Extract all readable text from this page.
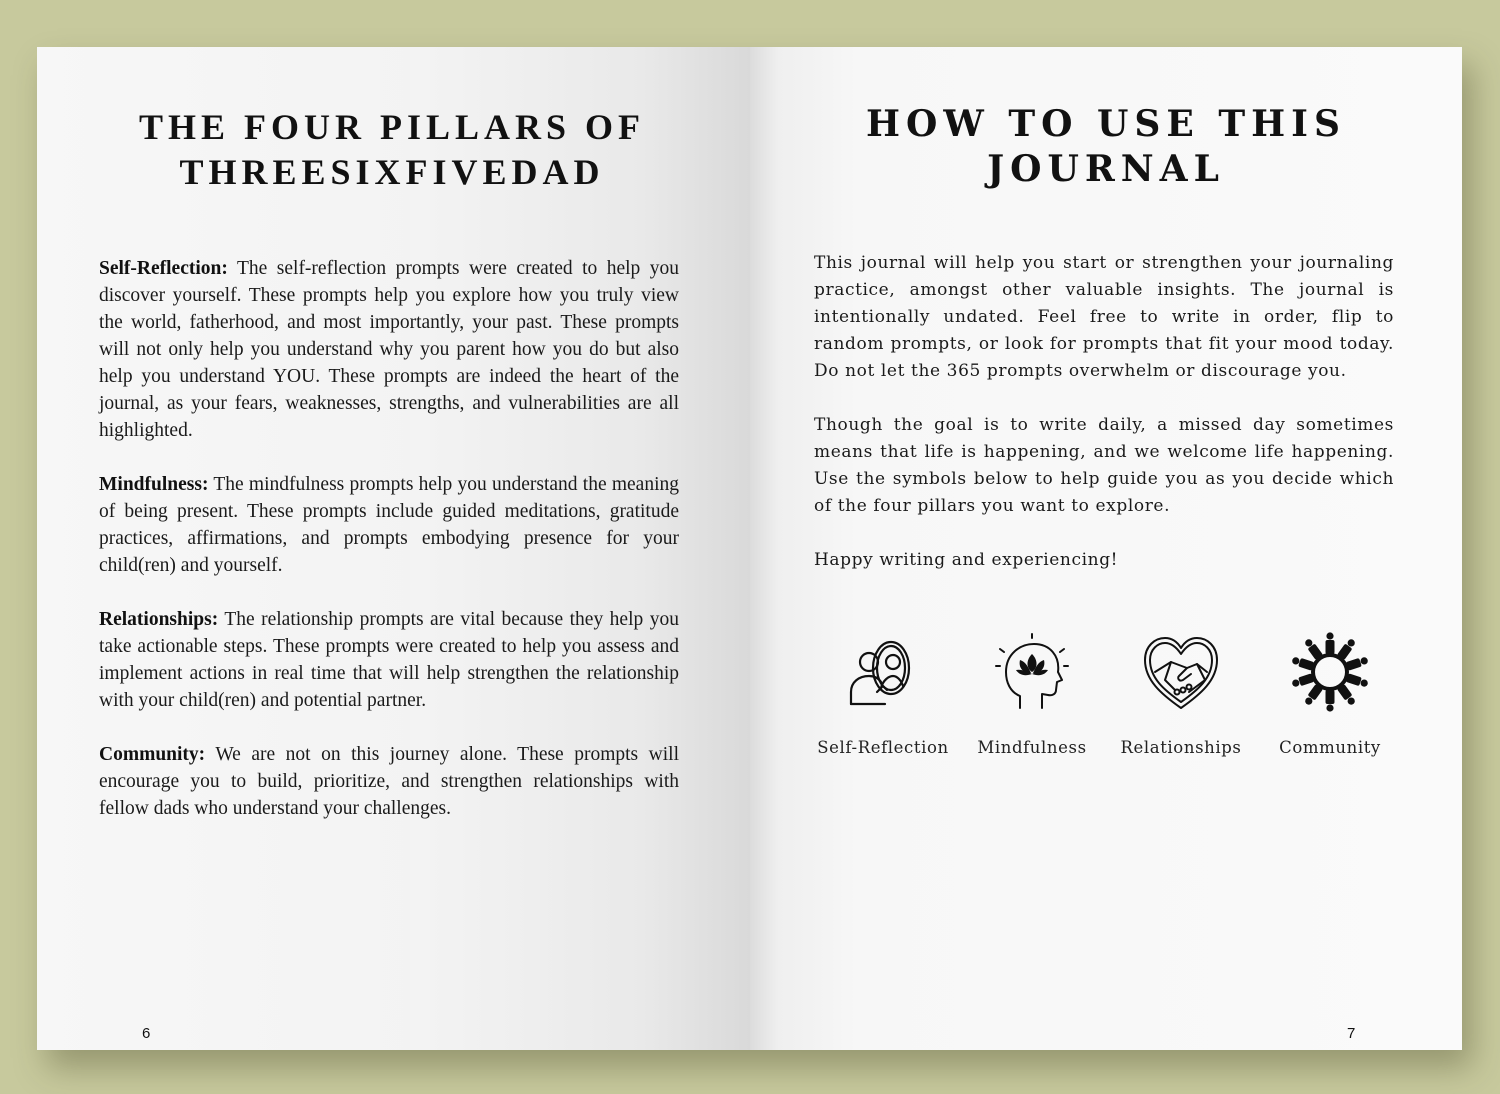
THE FOUR PILLARS OF
THREESIXFIVEDAD

Self-Reflection: The self-reflection prompts were created to help you discover yourself. These prompts help you explore how you truly view the world, fatherhood, and most importantly, your past. These prompts will not only help you understand why you parent how you do but also help you understand YOU. These prompts are indeed the heart of the journal, as your fears, weaknesses, strengths, and vulnerabilities are all highlighted.

Mindfulness: The mindfulness prompts help you understand the meaning of being present. These prompts include guided meditations, gratitude practices, affirmations, and prompts embodying presence for your child(ren) and yourself.

Relationships: The relationship prompts are vital because they help you take actionable steps. These prompts were created to help you assess and implement actions in real time that will help strengthen the relationship with your child(ren) and potential partner.

Community: We are not on this journey alone. These prompts will encourage you to build, prioritize, and strengthen relationships with fellow dads who understand your challenges.

6
HOW TO USE THIS
JOURNAL

This journal will help you start or strengthen your journaling practice, amongst other valuable insights. The journal is intentionally undated. Feel free to write in order, flip to random prompts, or look for prompts that fit your mood today. Do not let the 365 prompts overwhelm or discourage you.

Though the goal is to write daily, a missed day sometimes means that life is happening, and we welcome life happening. Use the symbols below to help guide you as you decide which of the four pillars you want to explore.

Happy writing and experiencing!

Self-Reflection	Mindfulness	Relationships	Community
7
